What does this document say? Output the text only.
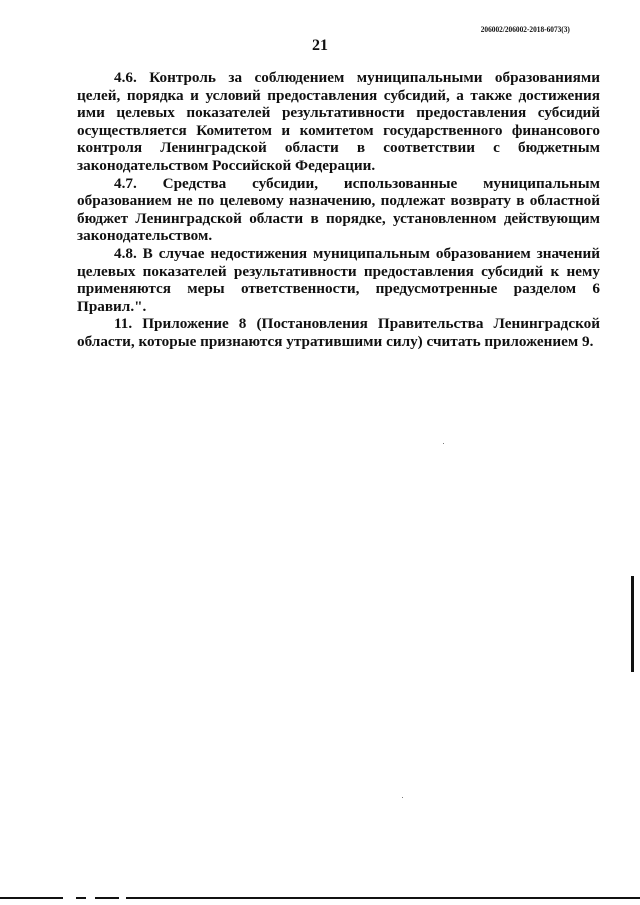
206002/206002-2018-6073(3)
21

4.6. Контроль за соблюдением муниципальными образованиями целей, порядка и условий предоставления субсидий, а также достижения ими целевых показателей результативности предоставления субсидий осуществляется Комитетом и комитетом государственного финансового контроля Ленинградской области в соответствии с бюджетным законодательством Российской Федерации.

4.7. Средства субсидии, использованные муниципальным образованием не по целевому назначению, подлежат возврату в областной бюджет Ленинградской области в порядке, установленном действующим законодательством.

4.8. В случае недостижения муниципальным образованием значений целевых показателей результативности предоставления субсидий к нему применяются меры ответственности, предусмотренные разделом 6 Правил.".

11. Приложение 8 (Постановления Правительства Ленинградской области, которые признаются утратившими силу) считать приложением 9.
